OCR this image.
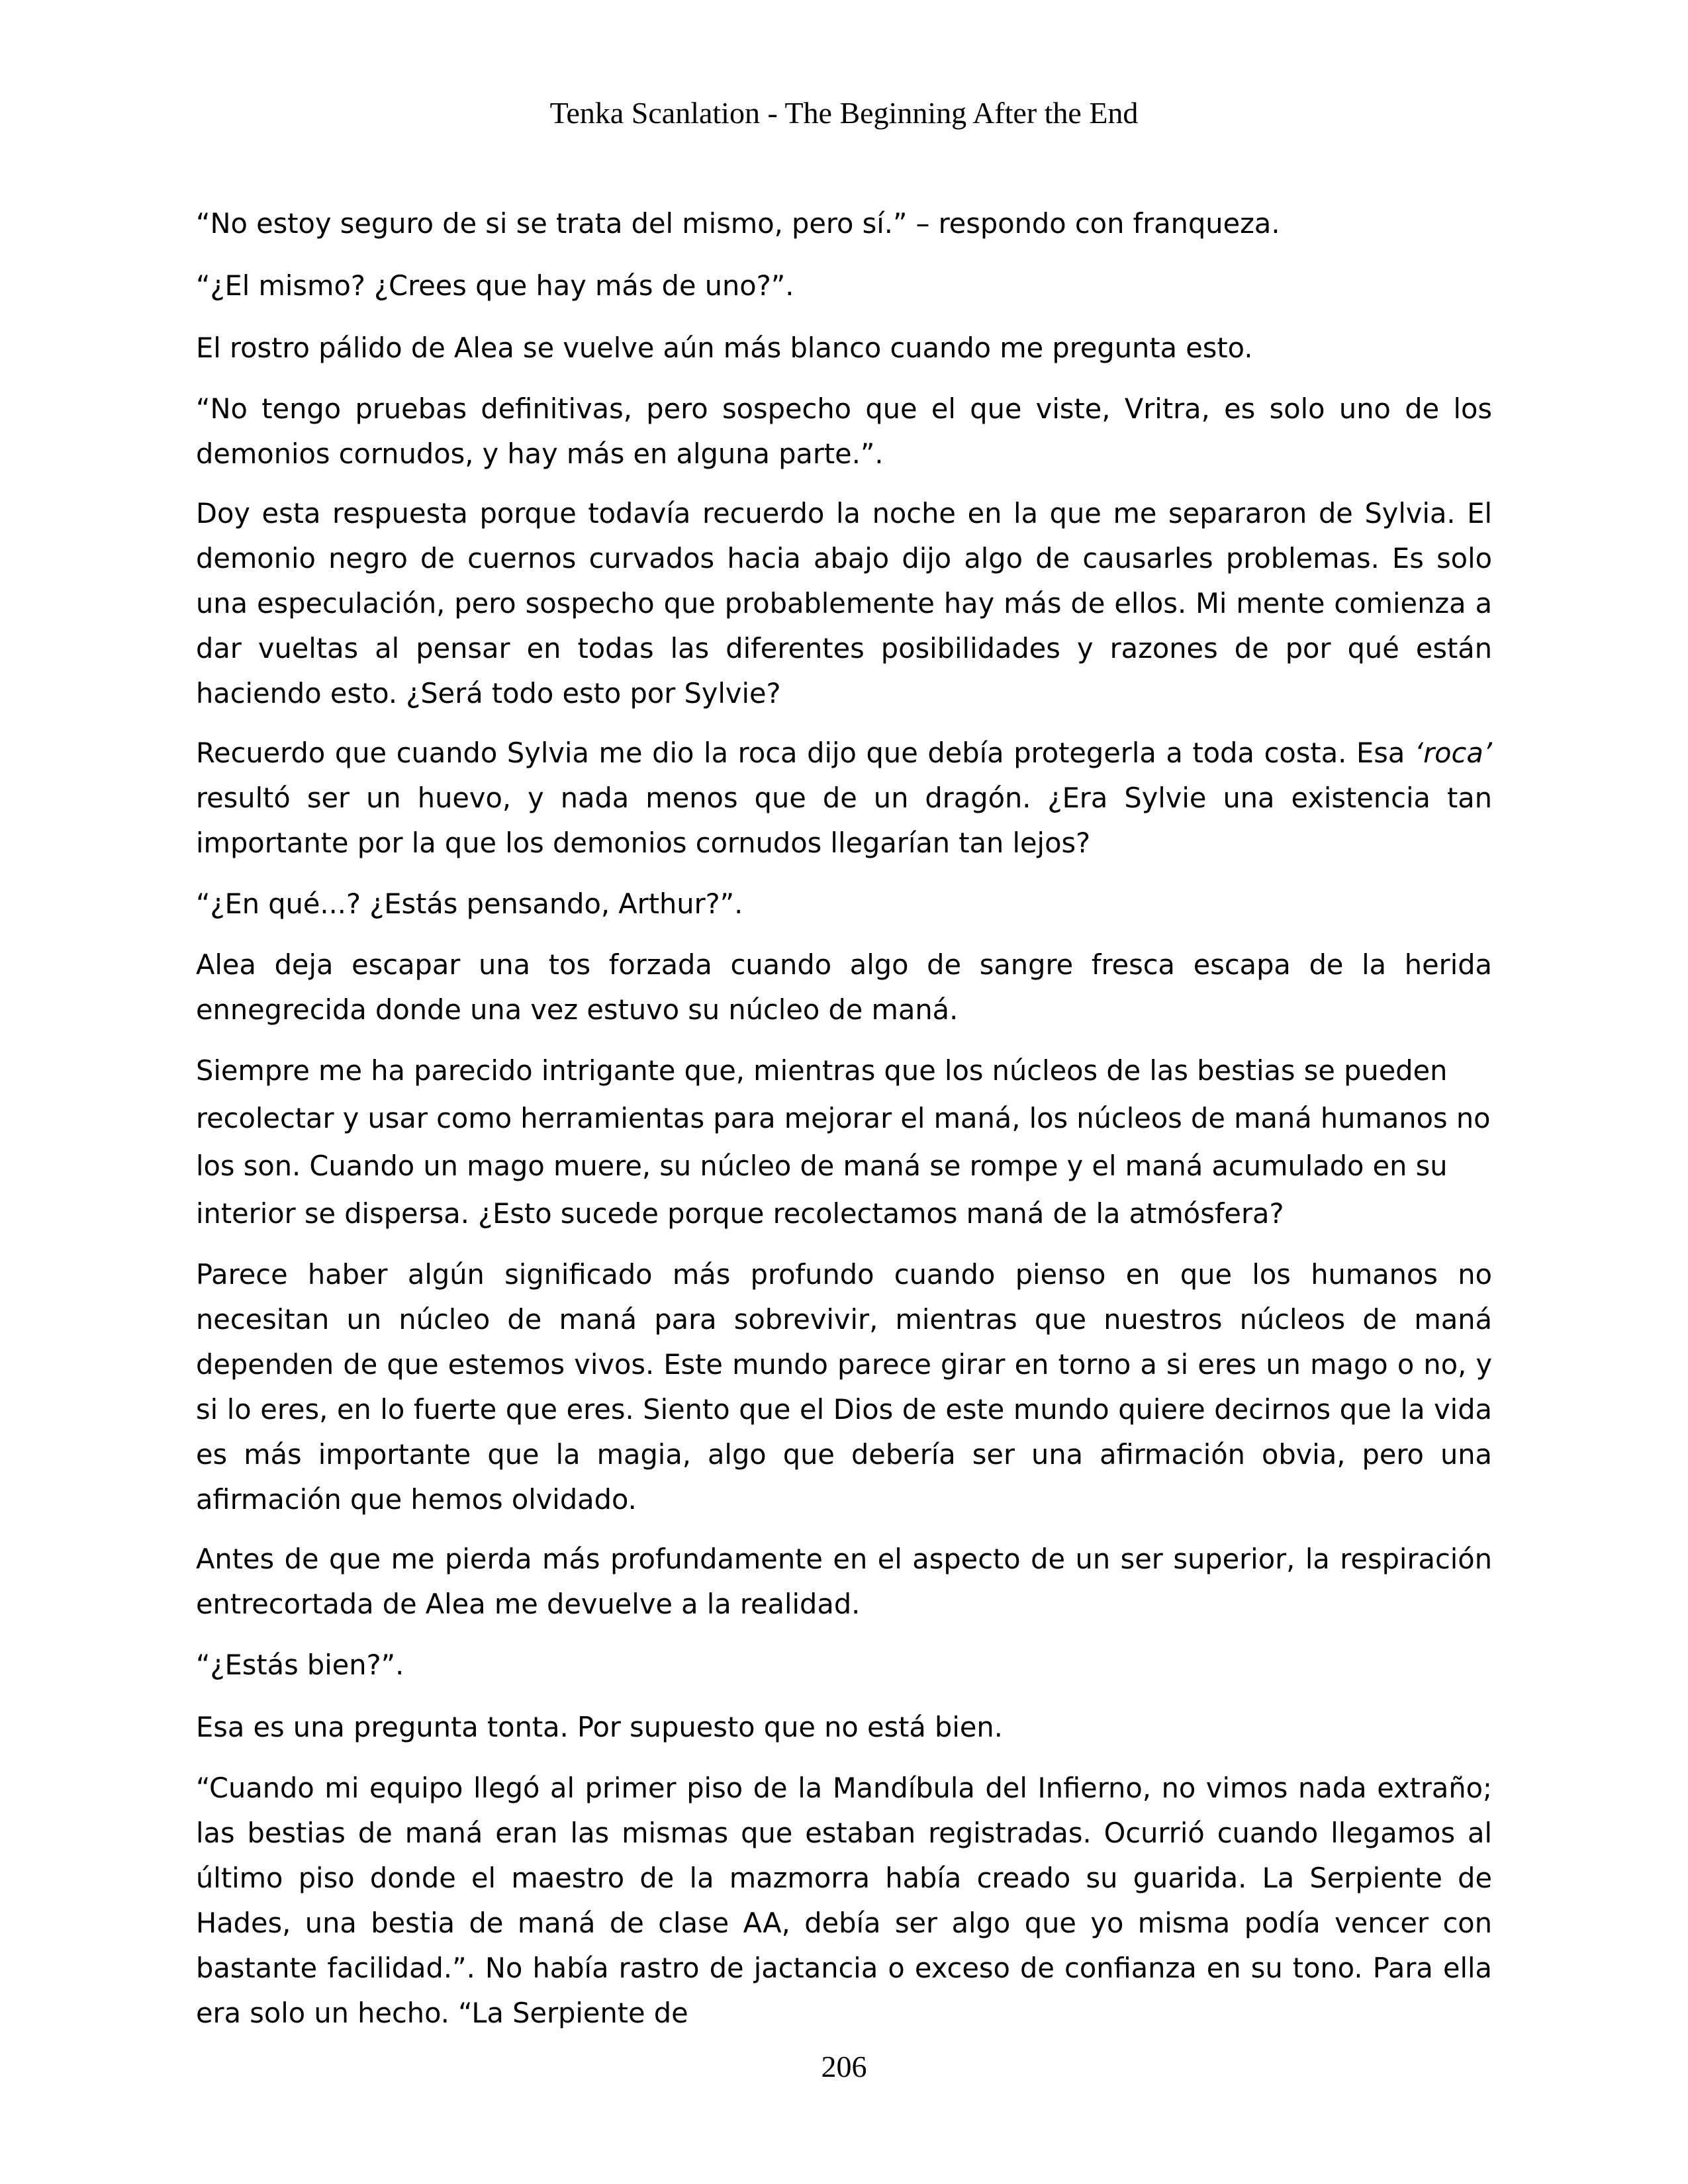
Tenka Scanlation - The Beginning After the End

“No estoy seguro de si se trata del mismo, pero sí.” – respondo con franqueza.

“¿El mismo? ¿Crees que hay más de uno?”.

El rostro pálido de Alea se vuelve aún más blanco cuando me pregunta esto.

“No tengo pruebas definitivas, pero sospecho que el que viste, Vritra, es solo uno de los demonios cornudos, y hay más en alguna parte.”.

Doy esta respuesta porque todavía recuerdo la noche en la que me separaron de Sylvia. El demonio negro de cuernos curvados hacia abajo dijo algo de causarles problemas. Es solo una especulación, pero sospecho que probablemente hay más de ellos. Mi mente comienza a dar vueltas al pensar en todas las diferentes posibilidades y razones de por qué están haciendo esto. ¿Será todo esto por Sylvie?

Recuerdo que cuando Sylvia me dio la roca dijo que debía protegerla a toda costa. Esa ‘roca’ resultó ser un huevo, y nada menos que de un dragón. ¿Era Sylvie una existencia tan importante por la que los demonios cornudos llegarían tan lejos?

“¿En qué...? ¿Estás pensando, Arthur?”.

Alea deja escapar una tos forzada cuando algo de sangre fresca escapa de la herida ennegrecida donde una vez estuvo su núcleo de maná.

Siempre me ha parecido intrigante que, mientras que los núcleos de las bestias se pueden recolectar y usar como herramientas para mejorar el maná, los núcleos de maná humanos no los son. Cuando un mago muere, su núcleo de maná se rompe y el maná acumulado en su interior se dispersa. ¿Esto sucede porque recolectamos maná de la atmósfera?

Parece haber algún significado más profundo cuando pienso en que los humanos no necesitan un núcleo de maná para sobrevivir, mientras que nuestros núcleos de maná dependen de que estemos vivos. Este mundo parece girar en torno a si eres un mago o no, y si lo eres, en lo fuerte que eres. Siento que el Dios de este mundo quiere decirnos que la vida es más importante que la magia, algo que debería ser una afirmación obvia, pero una afirmación que hemos olvidado.

Antes de que me pierda más profundamente en el aspecto de un ser superior, la respiración entrecortada de Alea me devuelve a la realidad.

“¿Estás bien?”.

Esa es una pregunta tonta. Por supuesto que no está bien.

“Cuando mi equipo llegó al primer piso de la Mandíbula del Infierno, no vimos nada extraño; las bestias de maná eran las mismas que estaban registradas. Ocurrió cuando llegamos al último piso donde el maestro de la mazmorra había creado su guarida. La Serpiente de Hades, una bestia de maná de clase AA, debía ser algo que yo misma podía vencer con bastante facilidad.”. No había rastro de jactancia o exceso de confianza en su tono. Para ella era solo un hecho. “La Serpiente de

206
